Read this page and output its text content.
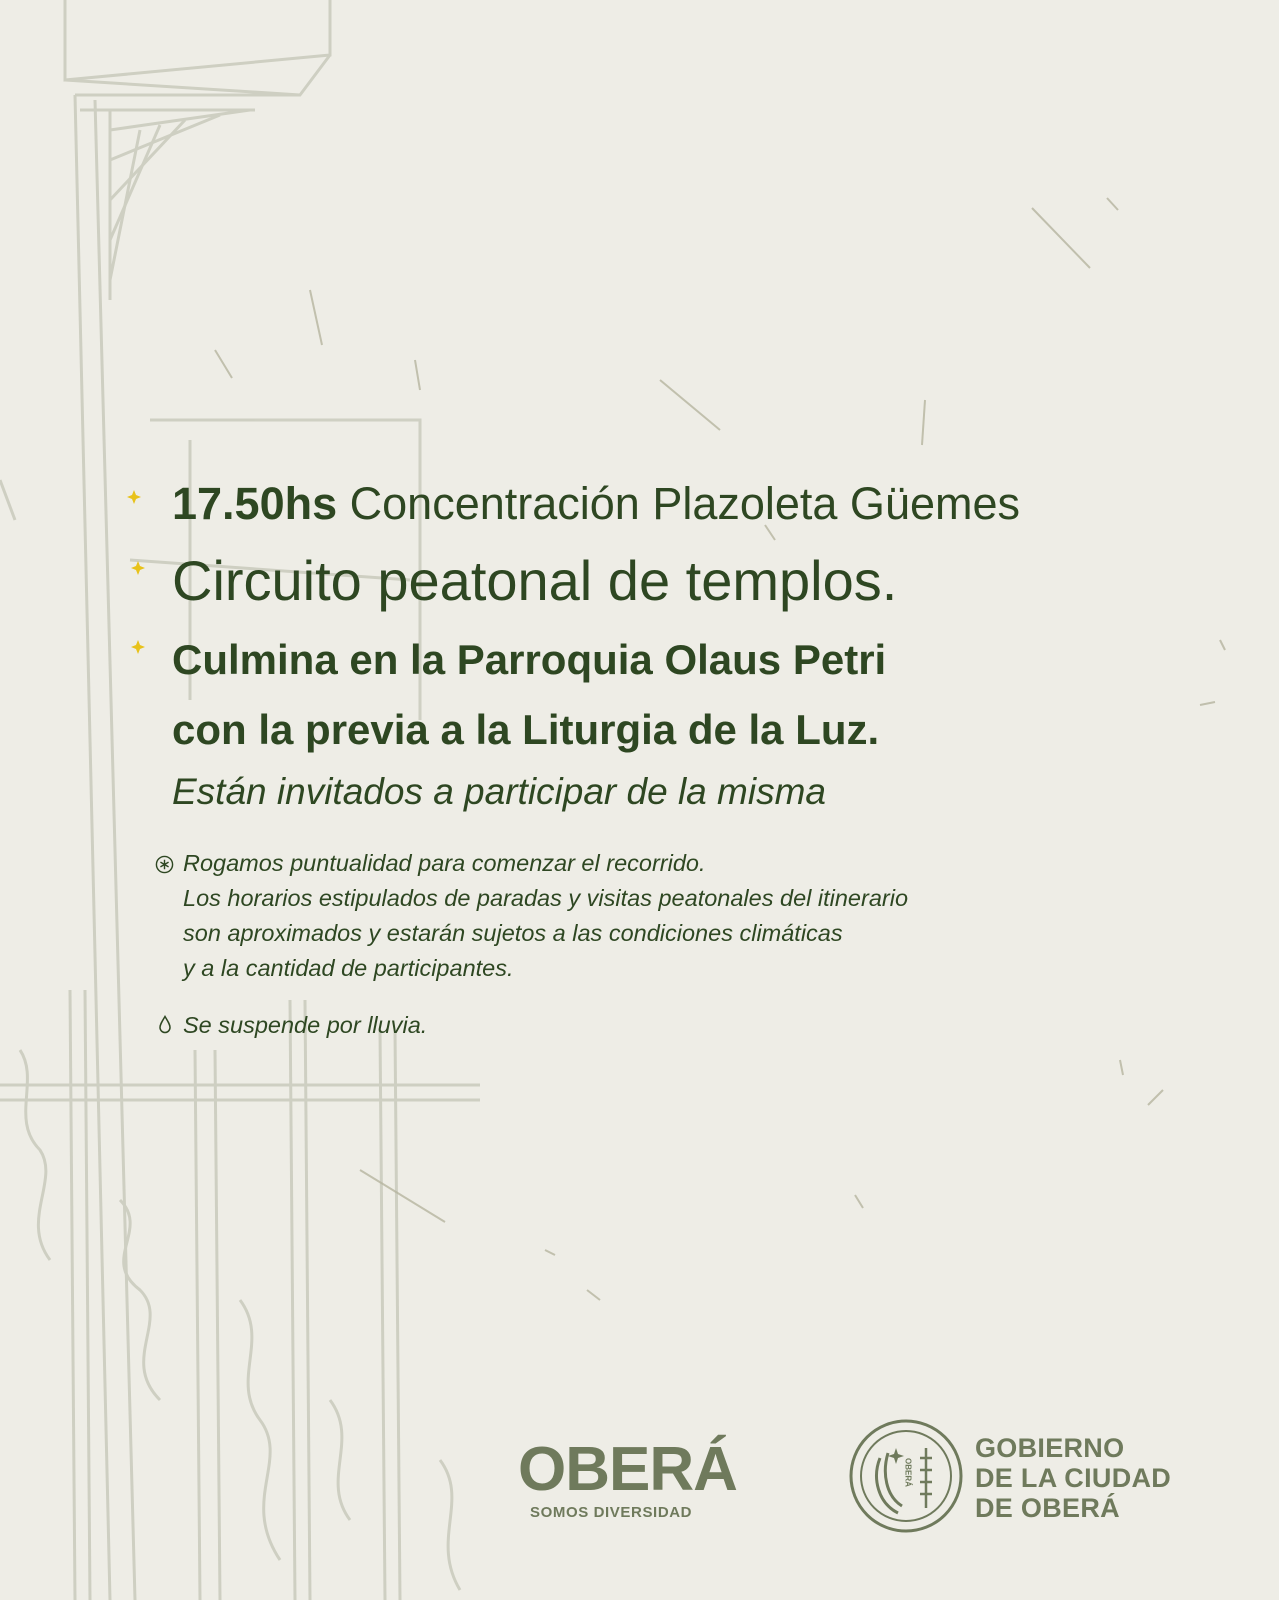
17.50hs Concentración Plazoleta Güemes
Circuito peatonal de templos.
Culmina en la Parroquia Olaus Petri
con la previa a la Liturgia de la Luz.
Están invitados a participar de la misma
Rogamos puntualidad para comenzar el recorrido.
Los horarios estipulados de paradas y visitas peatonales del itinerario
son aproximados y estarán sujetos a las condiciones climáticas
y a la cantidad de participantes.
Se suspende por lluvia.
OBERÁ
SOMOS DIVERSIDAD
OBERÁ
GOBIERNO
DE LA CIUDAD
DE OBERÁ
